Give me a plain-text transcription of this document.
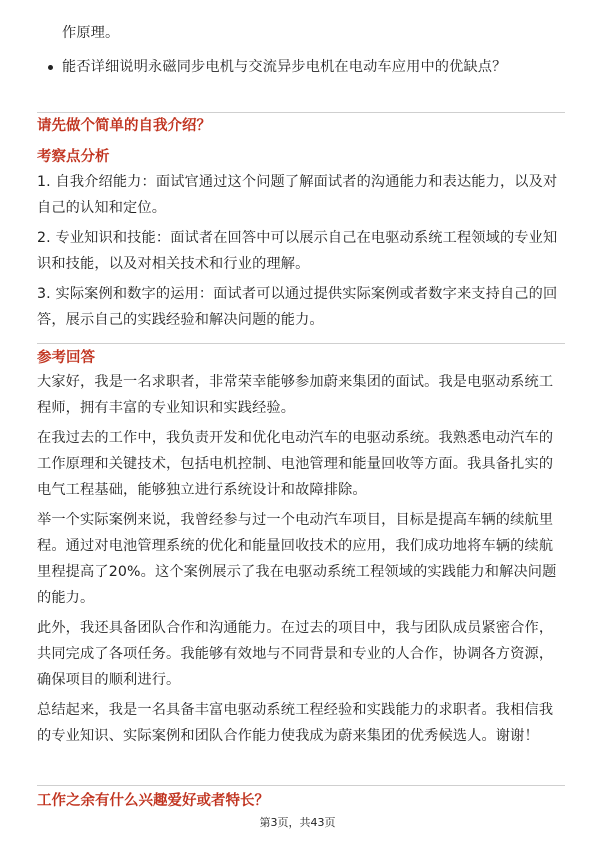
作原理。
能否详细说明永磁同步电机与交流异步电机在电动车应用中的优缺点？
请先做个简单的自我介绍？
考察点分析
1. 自我介绍能力：面试官通过这个问题了解面试者的沟通能力和表达能力，以及对自己的认知和定位。
2. 专业知识和技能：面试者在回答中可以展示自己在电驱动系统工程领域的专业知识和技能，以及对相关技术和行业的理解。
3. 实际案例和数字的运用：面试者可以通过提供实际案例或者数字来支持自己的回答，展示自己的实践经验和解决问题的能力。
参考回答
大家好，我是一名求职者，非常荣幸能够参加蔚来集团的面试。我是电驱动系统工程师，拥有丰富的专业知识和实践经验。
在我过去的工作中，我负责开发和优化电动汽车的电驱动系统。我熟悉电动汽车的工作原理和关键技术，包括电机控制、电池管理和能量回收等方面。我具备扎实的电气工程基础，能够独立进行系统设计和故障排除。
举一个实际案例来说，我曾经参与过一个电动汽车项目，目标是提高车辆的续航里程。通过对电池管理系统的优化和能量回收技术的应用，我们成功地将车辆的续航里程提高了20%。这个案例展示了我在电驱动系统工程领域的实践能力和解决问题的能力。
此外，我还具备团队合作和沟通能力。在过去的项目中，我与团队成员紧密合作，共同完成了各项任务。我能够有效地与不同背景和专业的人合作，协调各方资源，确保项目的顺利进行。
总结起来，我是一名具备丰富电驱动系统工程经验和实践能力的求职者。我相信我的专业知识、实际案例和团队合作能力使我成为蔚来集团的优秀候选人。谢谢！
工作之余有什么兴趣爱好或者特长？
第3页，共43页
